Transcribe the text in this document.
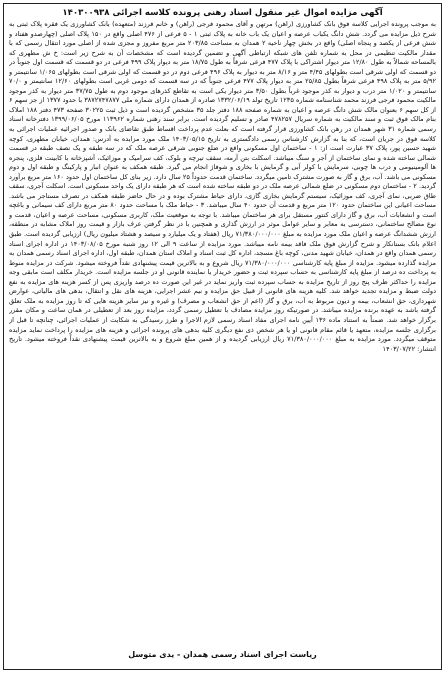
آگهی مزایده اموال غیر منقول اسناد رهنی پرونده کلاسه اجرائی ۱۴۰۳۰۰۹۳۸

به موجب پرونده اجرایی کلاسه فوق بانک کشاورزی (راهن) مرتهن و آقای محمود فرجی (راهن) و خانم فرزند (متعهده) بانک کشاورزی یک فقره پلاک ثبتی به شرح ذیل مزایده می گردد. شش دانگ یکباب عرصه و اعیان یک باب خانه به پلاک ثبتی ۱ - ۵ فرعی از ۴۷۶ اصلی واقع در ۱۵۰ پلاک اصلی (چهارصدو هفتاد و شش فرعی از یکصد و پنجاه اصلی) واقع در بخش چهار ناحیه ۲ همدان به مساحت ۲۰۳/۸۵ متر مربع مفروز و مجزی شده از اصلی مورد انتقال رسمی که با مقدار مالکیت تنظیمی در محل به شماره تلفن های شبکه ارتباطی آگهی و تضمین گردیده است که مشخصات آن به شرح زیر است: خ ش مطهری که بالمساحه شمالاً به طول ۱۲/۸۰ متر دیوار اشتراکی با پلاک ۴۷۷ فرعی شرقاً به طول ۱۸/۷۵ متر به دیوار پلاک ۴۹۹ فرعی در دو قسمت که قسمت اول جنوباً در دو قسمت که اولی شرقی است بطولهای ۴/۴۵ متر و ۸/۱۶ متر به دیوار به پلاک ۴۹۶ فرعی دوم در دو قسمت که اولی شرقی است بطولهای ۱/۰۶۵ سانتیمتر و ۵/۹۲ متر به پلاک ۴۹۸ فرعی شرقاً بطول ۲۵/۸۵ متر به دیوار پلاک ۴۷۷ فرعی جنوباً که در سه قسمت که دومی غربی است بطولهای ۱۲/۶۰ سانتیمتر و ۷۰/۰ سانتیمتر و ۱/۰۲۰ متر درب و دیوار به کذر موجود غرباً بطول ۳/۵۰ متر دیوار یکی است به تقاطع کذرهای موجود دوم به طول ۳۷/۷۵ متر دیوار به کذر موجود مالکیت محمود فرجی فرزند محمد شناسنامه شماره ۱۲۳۵ تاریخ تولد ۱۳۳۲/۰۶/۱۹ صادره از همدان دارای شماره ملی ۳۸۷۲۷۴۷۸۷۷ با حدود ۱۳۷۷ از جز سهم ۶ از کل سهم ۶ بعنوان مالک شش دانگ عرصه و اعیان به شماره صفحه ۱۸۸ دفتر جلد ۳۵ مشخص گردیده است و ذیل ثبت ۳۰۲۲۵ صفحه ۴۷۳ دفتر ۱۸۸ املاک بنام مالک فوق ثبت و سند مالکیت به شماره سریال ۴۷۸۲۵۷ صادر و تسلیم گردیده است. برابر سند رهنی شماره ۱۱۳۹۶۲ مورخ ۱۳۹۹/۰۶/۰۵ دفترخانه اسناد رسمی شماره ۳۱ شهر همدان در رهن بانک کشاورزی قرار گرفته است که بعلت عدم پرداخت اقساط طبق تقاضای بانک و صدور اجرائیه عملیات اجرائی به کلاسه فوق در جریان است، که بنا به گزارش کارشناس رسمی دادگستری به تاریخ ۱۴۰۳/۰۵/۱۵ ملک مورد مزایده به آدرس: همدان، خیابان مطهری، کوچه شهید حسین پور، پلاک ۳۷ عبارت است از: ۱ - ساختمان اول مسکونی واقع در ضلع جنوبی شرقی عرصه ملک که در سه طبقه و یک نصف طبقه در قسمت شمالی ساخته شده و نمای ساختمان از آجر و سنگ میباشد. اسکلت بتن آرمه، سقف تیرچه و بلوک، کف سرامیک و موزائیک، آشپزخانه با کابینت فلزی، پنجره ها آلومینیومی و درب ها چوبی، سرمایش با کولر آبی و گرمایش با بخاری و شوفاژ انجام می گیرد. طبقه همکف به عنوان انبار و پارکینگ و طبقه اول و دوم مسکونی می باشد. آب، برق و گاز به صورت مشترک تامین میگردد. ساختمان قدمت حدوداً ۲۵ سال دارد. زیر بنای کل ساختمان اول حدود ۱۶۰ متر مربع برآورد گردید. ۲ - ساختمان دوم مسکونی در ضلع شمالی عرصه ملک در دو طبقه ساخته شده است که هر طبقه دارای یک واحد مسکونی است. اسکلت آجری، سقف طاق ضربی، نمای آجری، کف موزائیک، سیستم گرمایش بخاری گازی، دارای حیاط مشترک بوده و در حال حاضر طبقه همکف در تصرف مستاجر می باشد. مساحت اعیانی این ساختمان حدود ۱۲۰ متر مربع و قدمت آن حدود ۴۰ سال میباشد. ۳ - حیاط ملک با مساحت حدود ۸۰ متر مربع دارای کف سیمانی و باغچه است و انشعابات آب، برق و گاز دارای کنتور مستقل برای هر ساختمان میباشد. با توجه به موقعیت ملک، کاربری مسکونی، مساحت عرصه و اعیان، قدمت و نوع مصالح ساختمانی، دسترسی به معابر و سایر عوامل موثر در ارزش گذاری و همچنین با در نظر گرفتن عرف بازار و قیمت روز املاک مشابه در منطقه، ارزش ششدانگ عرصه و اعیان ملک مورد مزایده به مبلغ ۷۱/۳۸۰/۰۰۰/۰۰۰ ریال (هفتاد و یک میلیارد و سیصد و هشتاد میلیون ریال) ارزیابی گردیده است. طبق اعلام بانک بستانکار و شرح گزارش فوق ملک فاقد بیمه نامه میباشد. مورد مزایده از ساعت ۹ الی ۱۲ روز شنبه مورخ ۱۴۰۳/۰۸/۰۵ در اداره اجرای اسناد رسمی همدان واقع در همدان، خیابان شهید مدنی، کوچه باغ مسجد، اداره کل ثبت اسناد و املاک استان همدان، طبقه اول، اداره اجرای اسناد رسمی همدان به مزایده گذارده میشود. مزایده از مبلغ پایه کارشناسی ۷۱/۳۸۰/۰۰۰/۰۰۰ ریال شروع و به بالاترین قیمت پیشنهادی نقداً فروخته میشود. شرکت در مزایده منوط به پرداخت ده درصد از مبلغ پایه کارشناسی به حساب سپرده ثبت و حضور خریدار یا نماینده قانونی او در جلسه مزایده است. خریدار مکلف است مابقی وجه مزایده را حداکثر ظرف پنج روز از تاریخ مزایده به حساب سپرده ثبت واریز نماید در غیر این صورت ده درصد واریزی پس از کسر هزینه های مزایده به نفع دولت ضبط و مزایده تجدید خواهد شد. کلیه هزینه های قانونی از قبیل حق مزایده و نیم عشر اجرایی، هزینه های نقل و انتقال، بدهی های مالیاتی، عوارض شهرداری، حق انشعاب، بیمه و دیون مربوط به آب، برق و گاز (اعم از حق انشعاب و مصرف) و غیره و نیز سایر هزینه هایی که تا روز مزایده به ملک تعلق گرفته باشد به عهده برنده مزایده میباشد. در صورتیکه روز مزایده مصادف با تعطیل رسمی گردد، مزایده روز بعد از تعطیلی در همان ساعت و مکان مقرر برگزار خواهد شد. ضمناً به استناد ماده ۱۳۶ آیین نامه اجرای مفاد اسناد رسمی لازم الاجرا و طرز رسیدگی به شکایت از عملیات اجرائی، چنانچه تا قبل از برگزاری جلسه مزایده، متعهد یا قائم مقام قانونی او یا هر شخص ذی نفع دیگری کلیه بدهی های پرونده اجرائی و هزینه های مزایده را پرداخت نماید مزایده متوقف میگردد. مورد مزایده به مبلغ ۷۱/۳۸۰/۰۰۰/۰۰۰ ریال ارزیابی گردیده و از همین مبلغ شروع و به بالاترین قیمت پیشنهادی نقداً فروخته میشود. تاریخ انتشار: ۱۴۰۳/۰۷/۲۲

ریاست اجرای اسناد رسمی همدان - یدی متوسل
